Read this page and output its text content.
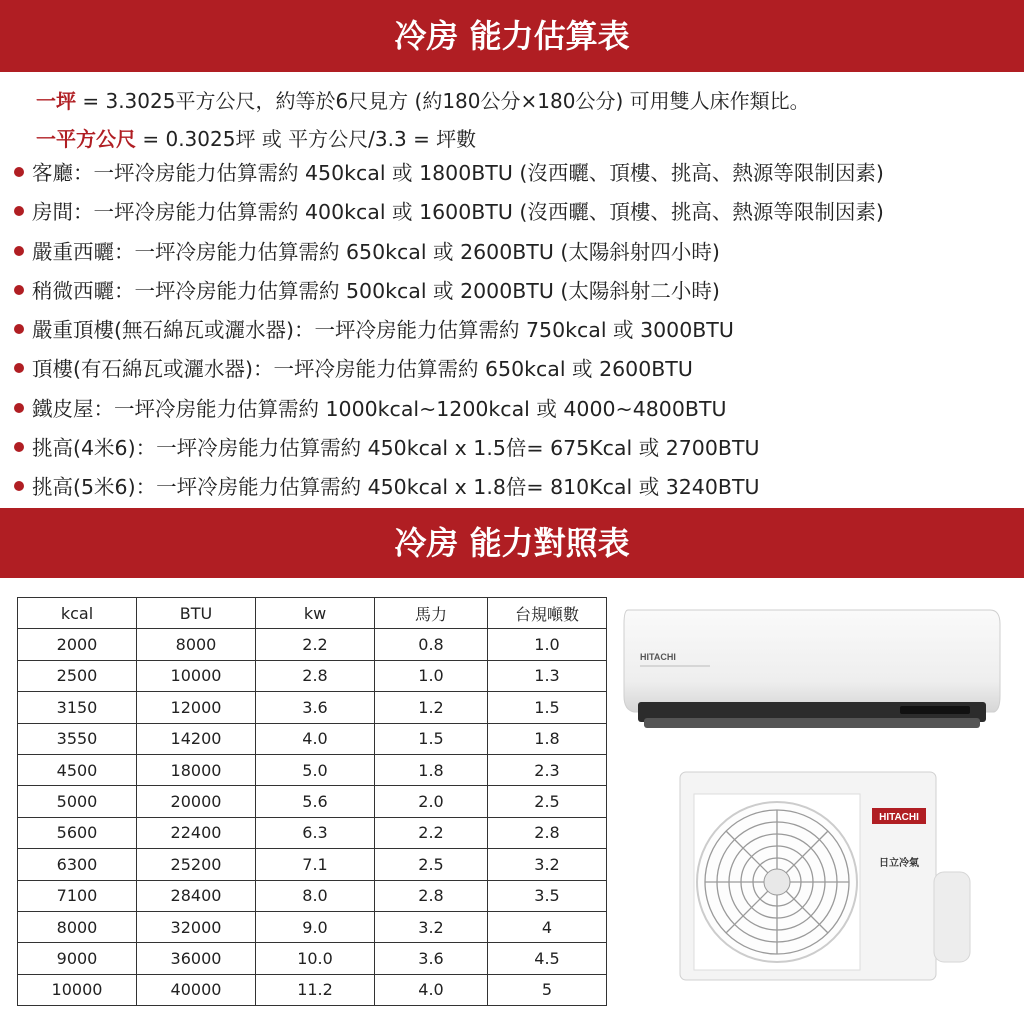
冷房 能力估算表
一坪 = 3.3025平方公尺，約等於6尺見方 (約180公分×180公分) 可用雙人床作類比。
一平方公尺 = 0.3025坪 或 平方公尺/3.3 = 坪數
客廳：一坪冷房能力估算需約 450kcal 或 1800BTU (沒西曬、頂樓、挑高、熱源等限制因素)
房間：一坪冷房能力估算需約 400kcal 或 1600BTU (沒西曬、頂樓、挑高、熱源等限制因素)
嚴重西曬：一坪冷房能力估算需約 650kcal 或 2600BTU (太陽斜射四小時)
稍微西曬：一坪冷房能力估算需約 500kcal 或 2000BTU (太陽斜射二小時)
嚴重頂樓(無石綿瓦或灑水器)：一坪冷房能力估算需約 750kcal 或 3000BTU
頂樓(有石綿瓦或灑水器)：一坪冷房能力估算需約 650kcal 或 2600BTU
鐵皮屋：一坪冷房能力估算需約 1000kcal~1200kcal 或 4000~4800BTU
挑高(4米6)：一坪冷房能力估算需約 450kcal x 1.5倍= 675Kcal 或 2700BTU
挑高(5米6)：一坪冷房能力估算需約 450kcal x 1.8倍= 810Kcal 或 3240BTU
冷房 能力對照表
kcal	BTU	kw	馬力	台規噸數
2000	8000	2.2	0.8	1.0
2500	10000	2.8	1.0	1.3
3150	12000	3.6	1.2	1.5
3550	14200	4.0	1.5	1.8
4500	18000	5.0	1.8	2.3
5000	20000	5.6	2.0	2.5
5600	22400	6.3	2.2	2.8
6300	25200	7.1	2.5	3.2
7100	28400	8.0	2.8	3.5
8000	32000	9.0	3.2	4
9000	36000	10.0	3.6	4.5
10000	40000	11.2	4.0	5
HITACHI
HITACHI
日立冷氣
